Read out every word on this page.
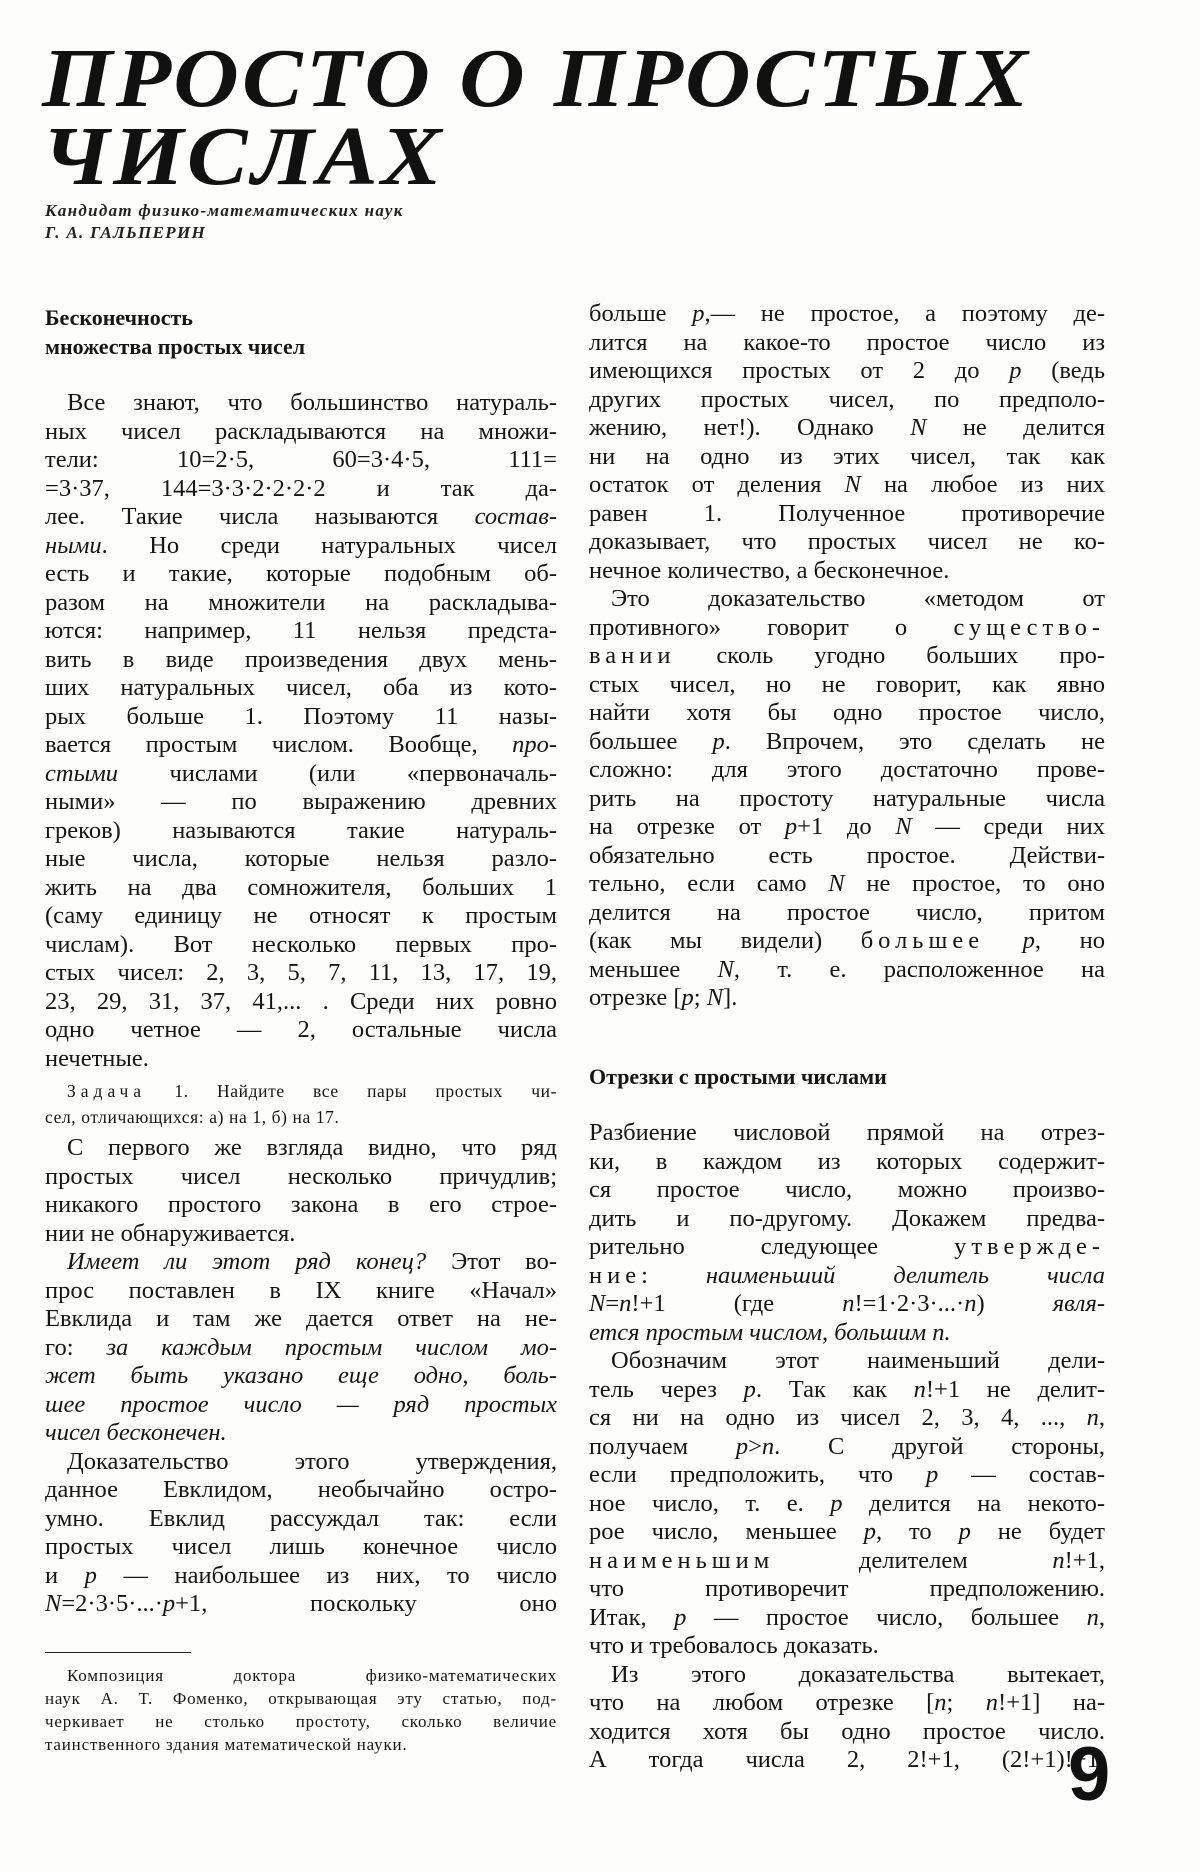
ПРОСТО О ПРОСТЫХ
ЧИСЛАХ
Кандидат физико-математических наук
Г. А. ГАЛЬПЕРИН
Бесконечность
множества простых чисел
Все знают, что большинство натураль-
ных чисел раскладываются на множи-
тели: 10=2·5, 60=3·4·5, 111=
=3·37, 144=3·3·2·2·2·2 и так да-
лее. Такие числа называются состав-
ными. Но среди натуральных чисел
есть и такие, которые подобным об-
разом на множители на раскладыва-
ются: например, 11 нельзя предста-
вить в виде произведения двух мень-
ших натуральных чисел, оба из кото-
рых больше 1. Поэтому 11 назы-
вается простым числом. Вообще, про-
стыми числами (или «первоначаль-
ными» — по выражению древних
греков) называются такие натураль-
ные числа, которые нельзя разло-
жить на два сомножителя, больших 1
(саму единицу не относят к простым
числам). Вот несколько первых про-
стых чисел: 2, 3, 5, 7, 11, 13, 17, 19,
23, 29, 31, 37, 41,... . Среди них ровно
одно четное — 2, остальные числа
нечетные.
Задача 1. Найдите все пары простых чи-
сел, отличающихся: а) на 1, б) на 17.
С первого же взгляда видно, что ряд
простых чисел несколько причудлив;
никакого простого закона в его строе-
нии не обнаруживается.
Имеет ли этот ряд конец? Этот во-
прос поставлен в IX книге «Начал»
Евклида и там же дается ответ на не-
го: за каждым простым числом мо-
жет быть указано еще одно, боль-
шее простое число — ряд простых
чисел бесконечен.
Доказательство этого утверждения,
данное Евклидом, необычайно остро-
умно. Евклид рассуждал так: если
простых чисел лишь конечное число
и p — наибольшее из них, то число
N=2·3·5·...·p+1, поскольку оно
больше p,— не простое, а поэтому де-
лится на какое-то простое число из
имеющихся простых от 2 до p (ведь
других простых чисел, по предполо-
жению, нет!). Однако N не делится
ни на одно из этих чисел, так как
остаток от деления N на любое из них
равен 1. Полученное противоречие
доказывает, что простых чисел не ко-
нечное количество, а бесконечное.
Это доказательство «методом от
противного» говорит о существо-
вании сколь угодно больших про-
стых чисел, но не говорит, как явно
найти хотя бы одно простое число,
большее p. Впрочем, это сделать не
сложно: для этого достаточно прове-
рить на простоту натуральные числа
на отрезке от p+1 до N — среди них
обязательно есть простое. Действи-
тельно, если само N не простое, то оно
делится на простое число, притом
(как мы видели) большее p, но
меньшее N, т. е. расположенное на
отрезке [p; N].
Отрезки с простыми числами
Разбиение числовой прямой на отрез-
ки, в каждом из которых содержит-
ся простое число, можно произво-
дить и по-другому. Докажем предва-
рительно следующее утвержде-
ние: наименьший делитель числа
N=n!+1 (где n!=1·2·3·...·n) явля-
ется простым числом, большим n.
Обозначим этот наименьший дели-
тель через p. Так как n!+1 не делит-
ся ни на одно из чисел 2, 3, 4, ..., n,
получаем p>n. С другой стороны,
если предположить, что p — состав-
ное число, т. е. p делится на некото-
рое число, меньшее p, то p не будет
наименьшим делителем n!+1,
что противоречит предположению.
Итак, p — простое число, большее n,
что и требовалось доказать.
Из этого доказательства вытекает,
что на любом отрезке [n; n!+1] на-
ходится хотя бы одно простое число.
А тогда числа 2, 2!+1, (2!+1)!+1,
Композиция доктора физико-математических
наук А. Т. Фоменко, открывающая эту статью, под-
черкивает не столько простоту, сколько величие
таинственного здания математической науки.	9
